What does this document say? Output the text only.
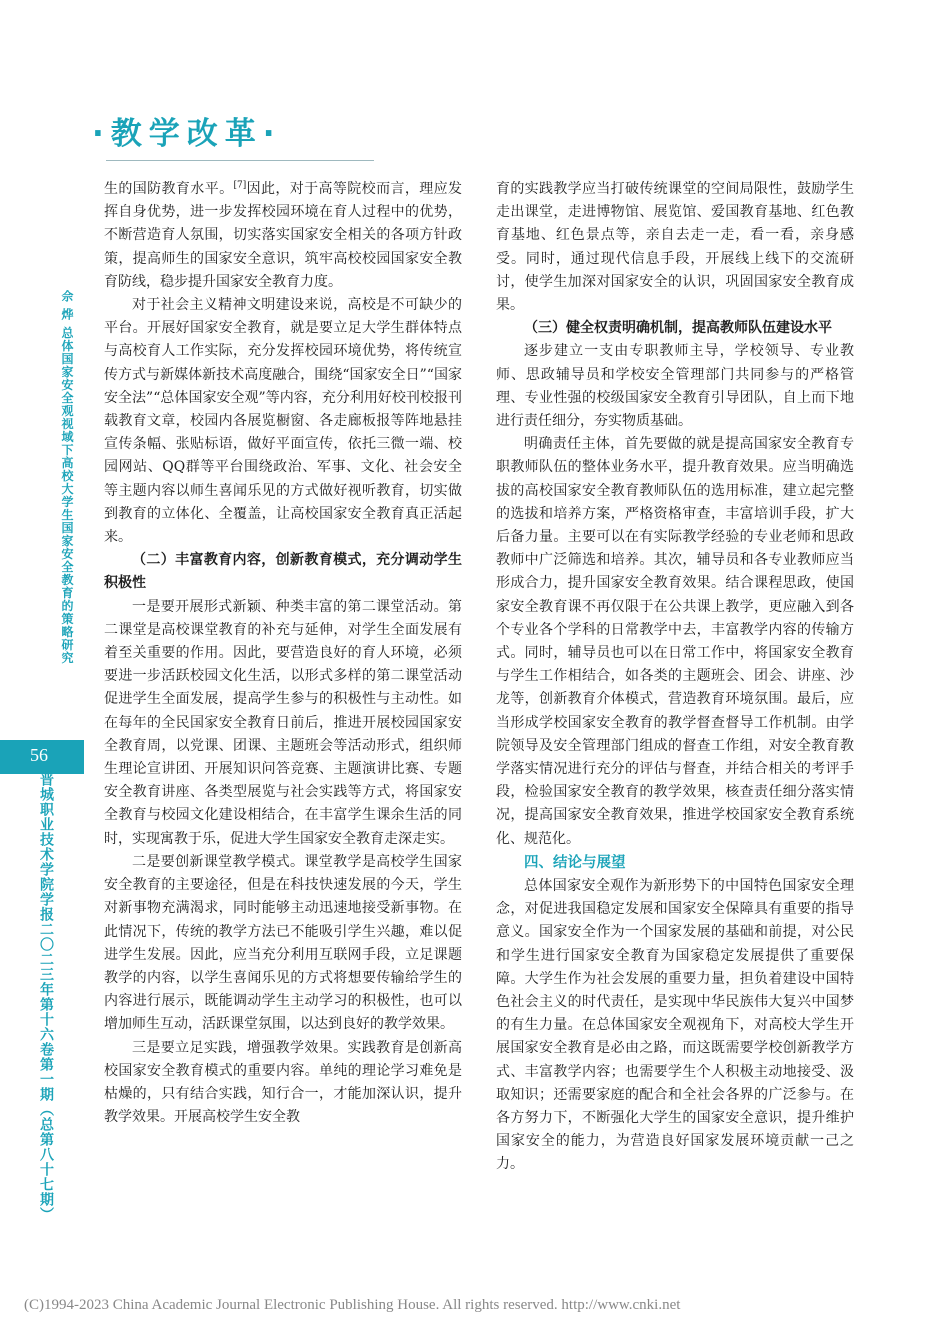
·教学改革·
佘 烨 总体国家安全观视域下高校大学生国家安全教育的策略研究
56
晋城职业技术学院学报二〇二三年第十六卷第一期（总第八十七期）

生的国防教育水平。[7]因此，对于高等院校而言，理应发挥自身优势，进一步发挥校园环境在育人过程中的优势，不断营造育人氛围，切实落实国家安全相关的各项方针政策，提高师生的国家安全意识，筑牢高校校园国家安全教育防线，稳步提升国家安全教育力度。

对于社会主义精神文明建设来说，高校是不可缺少的平台。开展好国家安全教育，就是要立足大学生群体特点与高校育人工作实际，充分发挥校园环境优势，将传统宣传方式与新媒体新技术高度融合，围绕“国家安全日”“国家安全法”“总体国家安全观”等内容，充分利用好校刊校报刊载教育文章，校园内各展览橱窗、各走廊板报等阵地悬挂宣传条幅、张贴标语，做好平面宣传，依托三微一端、校园网站、QQ群等平台围绕政治、军事、文化、社会安全等主题内容以师生喜闻乐见的方式做好视听教育，切实做到教育的立体化、全覆盖，让高校国家安全教育真正活起来。

（二）丰富教育内容，创新教育模式，充分调动学生积极性

一是要开展形式新颖、种类丰富的第二课堂活动。第二课堂是高校课堂教育的补充与延伸，对学生全面发展有着至关重要的作用。因此，要营造良好的育人环境，必须要进一步活跃校园文化生活，以形式多样的第二课堂活动促进学生全面发展，提高学生参与的积极性与主动性。如在每年的全民国家安全教育日前后，推进开展校园国家安全教育周，以党课、团课、主题班会等活动形式，组织师生理论宣讲团、开展知识问答竞赛、主题演讲比赛、专题安全教育讲座、各类型展览与社会实践等方式，将国家安全教育与校园文化建设相结合，在丰富学生课余生活的同时，实现寓教于乐，促进大学生国家安全教育走深走实。

二是要创新课堂教学模式。课堂教学是高校学生国家安全教育的主要途径，但是在科技快速发展的今天，学生对新事物充满渴求，同时能够主动迅速地接受新事物。在此情况下，传统的教学方法已不能吸引学生兴趣，难以促进学生发展。因此，应当充分利用互联网手段，立足课题教学的内容，以学生喜闻乐见的方式将想要传输给学生的内容进行展示，既能调动学生主动学习的积极性，也可以增加师生互动，活跃课堂氛围，以达到良好的教学效果。

三是要立足实践，增强教学效果。实践教育是创新高校国家安全教育模式的重要内容。单纯的理论学习难免是枯燥的，只有结合实践，知行合一，才能加深认识，提升教学效果。开展高校学生安全教

育的实践教学应当打破传统课堂的空间局限性，鼓励学生走出课堂，走进博物馆、展览馆、爱国教育基地、红色教育基地、红色景点等，亲自去走一走，看一看，亲身感受。同时，通过现代信息手段，开展线上线下的交流研讨，使学生加深对国家安全的认识，巩固国家安全教育成果。

（三）健全权责明确机制，提高教师队伍建设水平

逐步建立一支由专职教师主导，学校领导、专业教师、思政辅导员和学校安全管理部门共同参与的严格管理、专业性强的校级国家安全教育引导团队，自上而下地进行责任细分，夯实物质基础。

明确责任主体，首先要做的就是提高国家安全教育专职教师队伍的整体业务水平，提升教育效果。应当明确选拔的高校国家安全教育教师队伍的选用标准，建立起完整的选拔和培养方案，严格资格审查，丰富培训手段，扩大后备力量。主要可以在有实际教学经验的专业老师和思政教师中广泛筛选和培养。其次，辅导员和各专业教师应当形成合力，提升国家安全教育效果。结合课程思政，使国家安全教育课不再仅限于在公共课上教学，更应融入到各个专业各个学科的日常教学中去，丰富教学内容的传输方式。同时，辅导员也可以在日常工作中，将国家安全教育与学生工作相结合，如各类的主题班会、团会、讲座、沙龙等，创新教育介体模式，营造教育环境氛围。最后，应当形成学校国家安全教育的教学督查督导工作机制。由学院领导及安全管理部门组成的督查工作组，对安全教育教学落实情况进行充分的评估与督查，并结合相关的考评手段，检验国家安全教育的教学效果，核查责任细分落实情况，提高国家安全教育效果，推进学校国家安全教育系统化、规范化。

四、结论与展望

总体国家安全观作为新形势下的中国特色国家安全理念，对促进我国稳定发展和国家安全保障具有重要的指导意义。国家安全作为一个国家发展的基础和前提，对公民和学生进行国家安全教育为国家稳定发展提供了重要保障。大学生作为社会发展的重要力量，担负着建设中国特色社会主义的时代责任，是实现中华民族伟大复兴中国梦的有生力量。在总体国家安全观视角下，对高校大学生开展国家安全教育是必由之路，而这既需要学校创新教学方式、丰富教学内容；也需要学生个人积极主动地接受、汲取知识；还需要家庭的配合和全社会各界的广泛参与。在各方努力下，不断强化大学生的国家安全意识，提升维护国家安全的能力，为营造良好国家发展环境贡献一己之力。

(C)1994-2023 China Academic Journal Electronic Publishing House. All rights reserved. http://www.cnki.net
